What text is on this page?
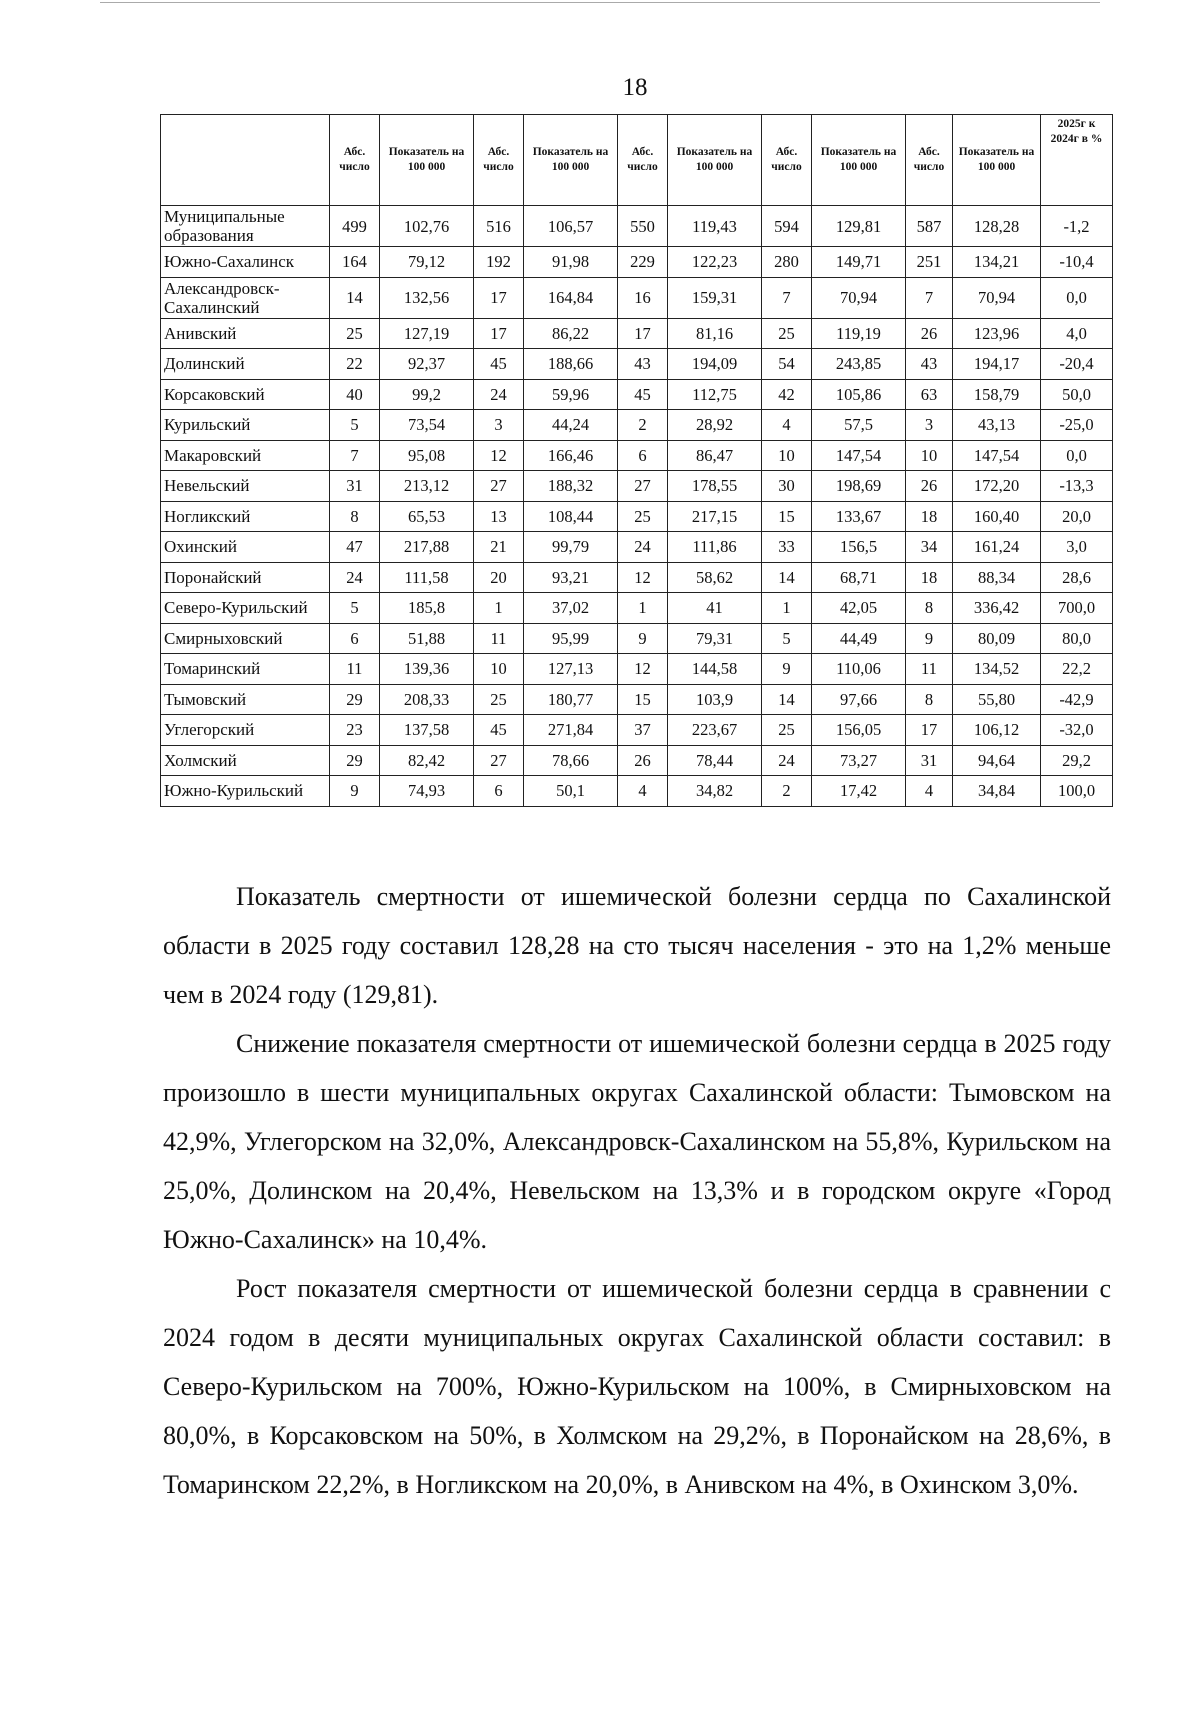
18
	Абс. число	Показатель на 100 000	Абс. число	Показатель на 100 000	Абс. число	Показатель на 100 000	Абс. число	Показатель на 100 000	Абс. число	Показатель на 100 000	2025г к 2024г в %
Муниципальные образования	499	102,76	516	106,57	550	119,43	594	129,81	587	128,28	-1,2
Южно-Сахалинск	164	79,12	192	91,98	229	122,23	280	149,71	251	134,21	-10,4
Александровск-Сахалинский	14	132,56	17	164,84	16	159,31	7	70,94	7	70,94	0,0
Анивский	25	127,19	17	86,22	17	81,16	25	119,19	26	123,96	4,0
Долинский	22	92,37	45	188,66	43	194,09	54	243,85	43	194,17	-20,4
Корсаковский	40	99,2	24	59,96	45	112,75	42	105,86	63	158,79	50,0
Курильский	5	73,54	3	44,24	2	28,92	4	57,5	3	43,13	-25,0
Макаровский	7	95,08	12	166,46	6	86,47	10	147,54	10	147,54	0,0
Невельский	31	213,12	27	188,32	27	178,55	30	198,69	26	172,20	-13,3
Ногликский	8	65,53	13	108,44	25	217,15	15	133,67	18	160,40	20,0
Охинский	47	217,88	21	99,79	24	111,86	33	156,5	34	161,24	3,0
Поронайский	24	111,58	20	93,21	12	58,62	14	68,71	18	88,34	28,6
Северо-Курильский	5	185,8	1	37,02	1	41	1	42,05	8	336,42	700,0
Смирныховский	6	51,88	11	95,99	9	79,31	5	44,49	9	80,09	80,0
Томаринский	11	139,36	10	127,13	12	144,58	9	110,06	11	134,52	22,2
Тымовский	29	208,33	25	180,77	15	103,9	14	97,66	8	55,80	-42,9
Углегорский	23	137,58	45	271,84	37	223,67	25	156,05	17	106,12	-32,0
Холмский	29	82,42	27	78,66	26	78,44	24	73,27	31	94,64	29,2
Южно-Курильский	9	74,93	6	50,1	4	34,82	2	17,42	4	34,84	100,0

Показатель смертности от ишемической болезни сердца по Сахалинской области в 2025 году составил 128,28 на сто тысяч населения - это на 1,2% меньше чем в 2024 году (129,81).

Снижение показателя смертности от ишемической болезни сердца в 2025 году произошло в шести муниципальных округах Сахалинской области: Тымовском на 42,9%, Углегорском на 32,0%, Александровск-Сахалинском на 55,8%, Курильском на 25,0%, Долинском на 20,4%, Невельском на 13,3% и в городском округе «Город Южно-Сахалинск» на 10,4%.

Рост показателя смертности от ишемической болезни сердца в сравнении с 2024 годом в десяти муниципальных округах Сахалинской области составил: в Северо-Курильском на 700%, Южно-Курильском на 100%, в Смирныховском на 80,0%, в Корсаковском на 50%, в Холмском на 29,2%, в Поронайском на 28,6%, в Томаринском 22,2%, в Ногликском на 20,0%, в Анивском на 4%, в Охинском 3,0%.
